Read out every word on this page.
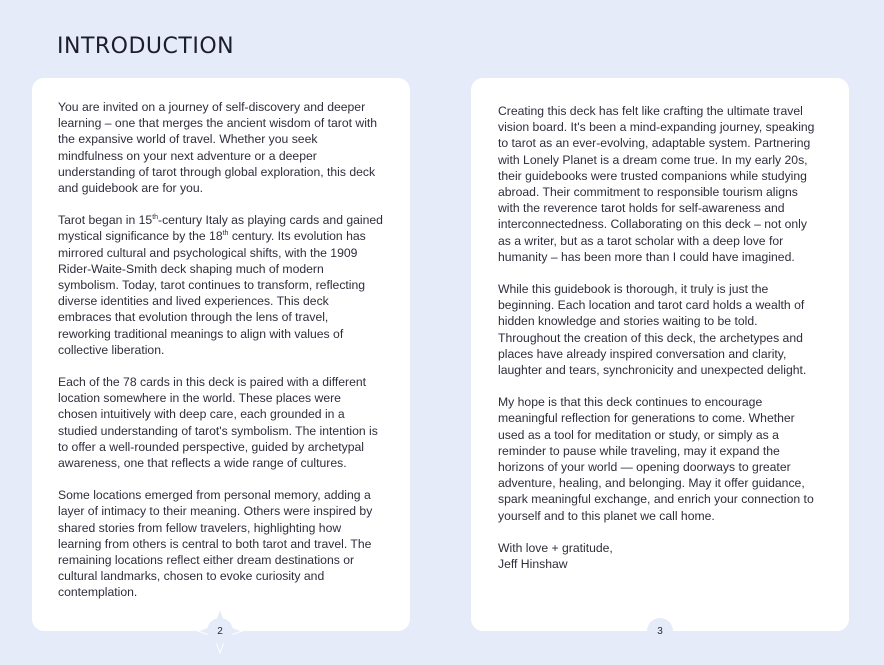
INTRODUCTION

You are invited on a journey of self-discovery and deeper learning – one that merges the ancient wisdom of tarot with the expansive world of travel. Whether you seek mindfulness on your next adventure or a deeper understanding of tarot through global exploration, this deck and guidebook are for you.

Tarot began in 15th-century Italy as playing cards and gained mystical significance by the 18th century. Its evolution has mirrored cultural and psychological shifts, with the 1909 Rider-Waite-Smith deck shaping much of modern symbolism. Today, tarot continues to transform, reflecting diverse identities and lived experiences. This deck embraces that evolution through the lens of travel, reworking traditional meanings to align with values of collective liberation.

Each of the 78 cards in this deck is paired with a different location somewhere in the world. These places were chosen intuitively with deep care, each grounded in a studied understanding of tarot's symbolism. The intention is to offer a well-rounded perspective, guided by archetypal awareness, one that reflects a wide range of cultures.

Some locations emerged from personal memory, adding a layer of intimacy to their meaning. Others were inspired by shared stories from fellow travelers, highlighting how learning from others is central to both tarot and travel. The remaining locations reflect either dream destinations or cultural landmarks, chosen to evoke curiosity and contemplation.

2

Creating this deck has felt like crafting the ultimate travel vision board. It's been a mind-expanding journey, speaking to tarot as an ever-evolving, adaptable system. Partnering with Lonely Planet is a dream come true. In my early 20s, their guidebooks were trusted companions while studying abroad. Their commitment to responsible tourism aligns with the reverence tarot holds for self-awareness and interconnectedness. Collaborating on this deck – not only as a writer, but as a tarot scholar with a deep love for humanity – has been more than I could have imagined.

While this guidebook is thorough, it truly is just the beginning. Each location and tarot card holds a wealth of hidden knowledge and stories waiting to be told. Throughout the creation of this deck, the archetypes and places have already inspired conversation and clarity, laughter and tears, synchronicity and unexpected delight.

My hope is that this deck continues to encourage meaningful reflection for generations to come. Whether used as a tool for meditation or study, or simply as a reminder to pause while traveling, may it expand the horizons of your world — opening doorways to greater adventure, healing, and belonging. May it offer guidance, spark meaningful exchange, and enrich your connection to yourself and to this planet we call home.

With love + gratitude,

Jeff Hinshaw

3
